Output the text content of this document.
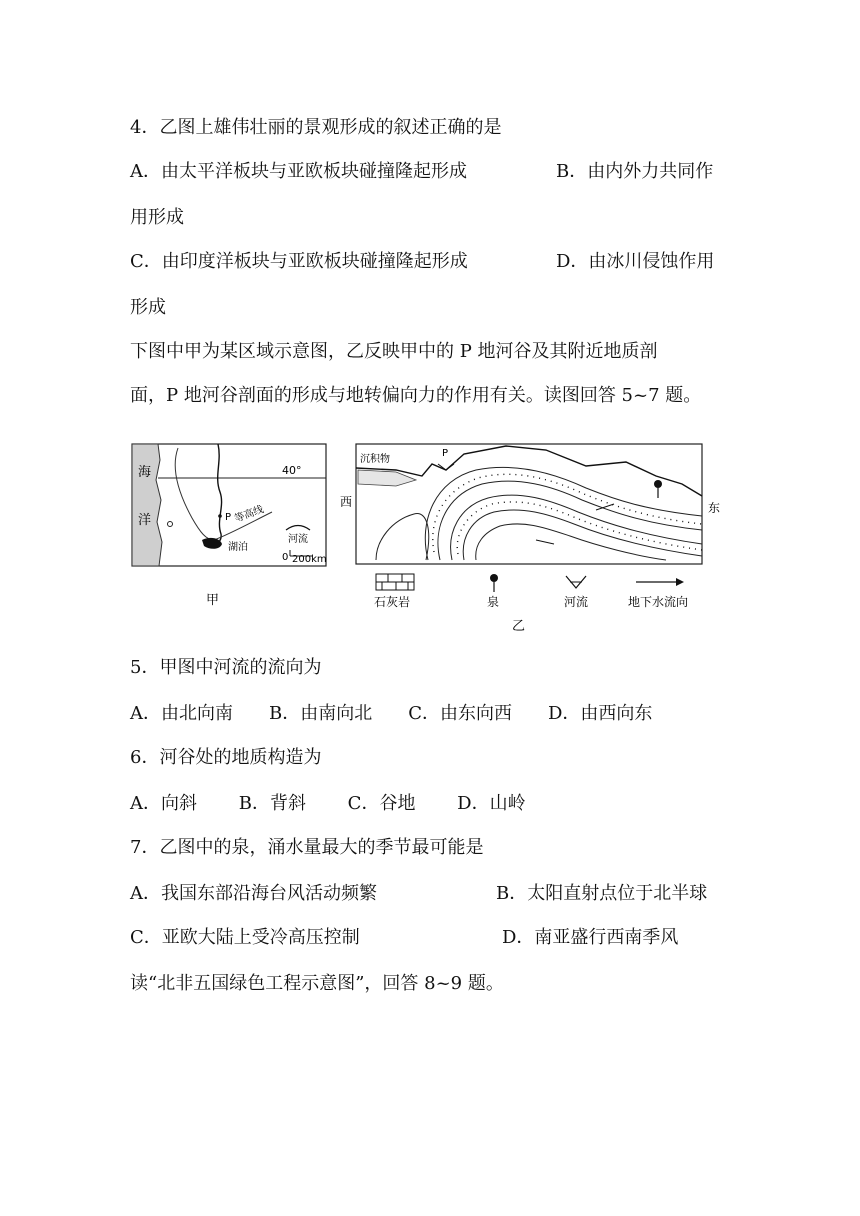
4．乙图上雄伟壮丽的景观形成的叙述正确的是
A．由太平洋板块与亚欧板块碰撞隆起形成	B．由内外力共同作
用形成
C．由印度洋板块与亚欧板块碰撞隆起形成	D．由冰川侵蚀作用
形成
下图中甲为某区域示意图，乙反映甲中的 P 地河谷及其附近地质剖
面，P 地河谷剖面的形成与地转偏向力的作用有关。读图回答 5~7 题。
海
洋
40°
等高线
P
湖泊
河流
0 200km
甲
西	东
沉积物
P
石灰岩	泉	河流	地下水流向
乙
5．甲图中河流的流向为
A．由北向南　　B．由南向北　　C．由东向西　　D．由西向东
6．河谷处的地质构造为
A．向斜　　 B．背斜　　 C．谷地　　 D．山岭
7．乙图中的泉，涌水量最大的季节最可能是
A．我国东部沿海台风活动频繁	B．太阳直射点位于北半球
C．亚欧大陆上受冷高压控制	D．南亚盛行西南季风
读“北非五国绿色工程示意图”，回答 8~9 题。
